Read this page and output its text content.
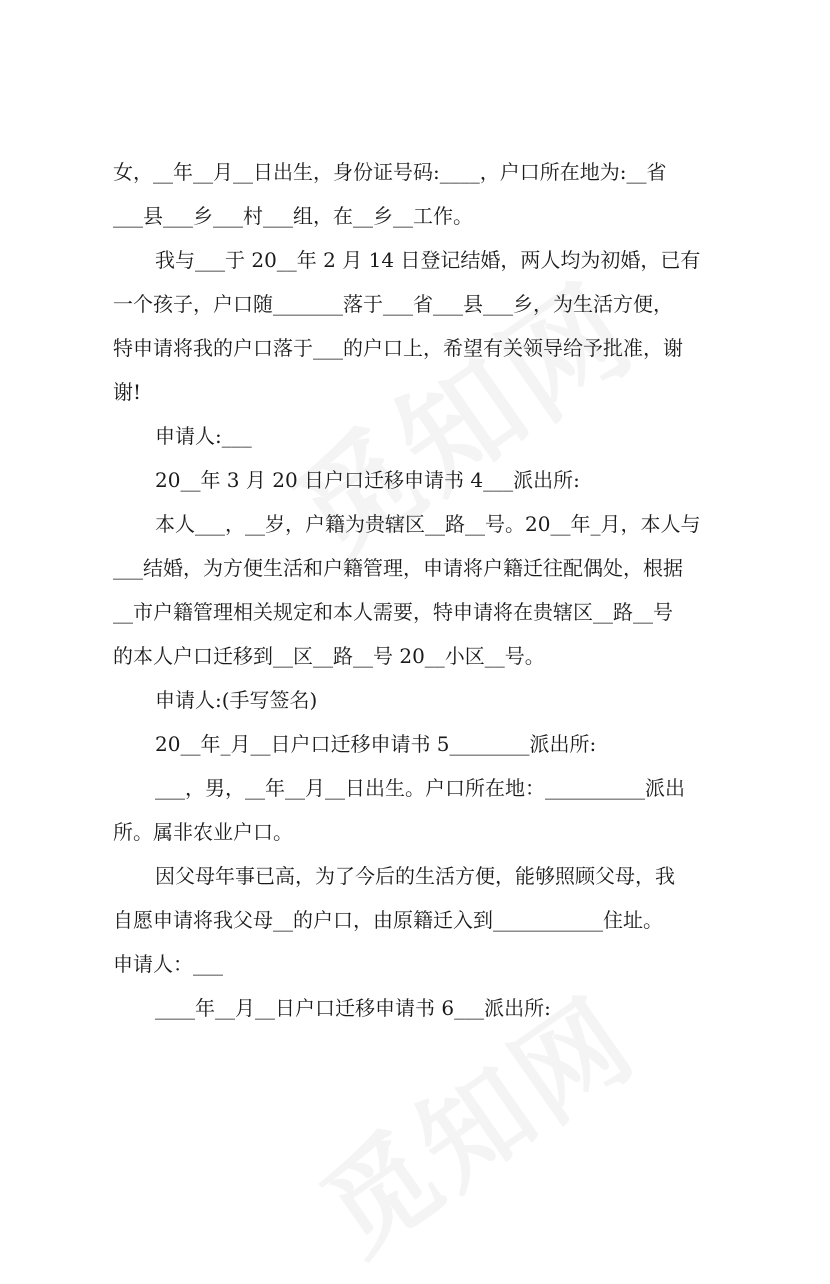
女，__年__月__日出生，身份证号码:____，户口所在地为:__省
___县___乡___村___组，在__乡__工作。
我与___于 20__年 2 月 14 日登记结婚，两人均为初婚，已有
一个孩子，户口随_______落于___省___县___乡，为生活方便，
特申请将我的户口落于___的户口上，希望有关领导给予批准，谢
谢!
申请人:___
20__年 3 月 20 日户口迁移申请书 4___派出所:
本人___，__岁，户籍为贵辖区__路__号。20__年_月，本人与
___结婚，为方便生活和户籍管理，申请将户籍迁往配偶处，根据
__市户籍管理相关规定和本人需要，特申请将在贵辖区__路__号
的本人户口迁移到__区__路__号 20__小区__号。
申请人:(手写签名)
20__年_月__日户口迁移申请书 5________派出所:
___，男，__年__月__日出生。户口所在地：__________派出
所。属非农业户口。
因父母年事已高，为了今后的生活方便，能够照顾父母，我
自愿申请将我父母__的户口，由原籍迁入到___________住址。
申请人：___
____年__月__日户口迁移申请书 6___派出所:
